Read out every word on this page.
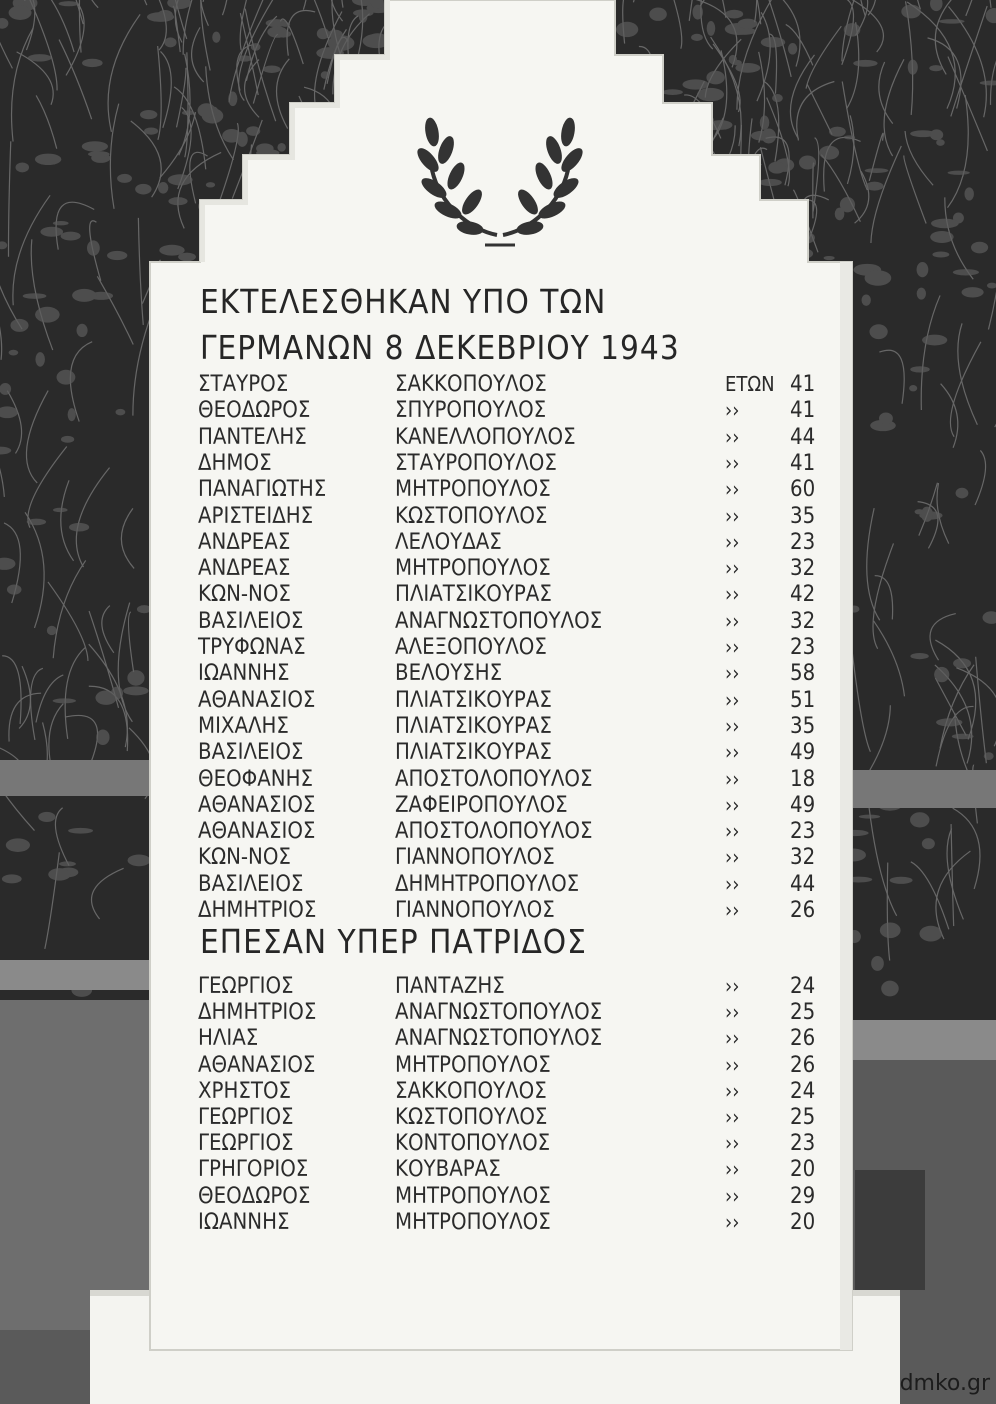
ΕΚΤΕΛΕΣΘΗΚΑΝ ΥΠΟ ΤΩΝ
ΓΕΡΜΑΝΩΝ 8 ΔΕΚΕΒΡΙΟΥ 1943
ΣΤΑΥΡΟΣ	ΣΑΚΚΟΠΟΥΛΟΣ	ΕΤΩΝ 41
ΘΕΟΔΩΡΟΣ	ΣΠΥΡΟΠΟΥΛΟΣ	›› 41
ΠΑΝΤΕΛΗΣ	ΚΑΝΕΛΛΟΠΟΥΛΟΣ	›› 44
ΔΗΜΟΣ	ΣΤΑΥΡΟΠΟΥΛΟΣ	›› 41
ΠΑΝΑΓΙΩΤΗΣ	ΜΗΤΡΟΠΟΥΛΟΣ	›› 60
ΑΡΙΣΤΕΙΔΗΣ	ΚΩΣΤΟΠΟΥΛΟΣ	›› 35
ΑΝΔΡΕΑΣ	ΛΕΛΟΥΔΑΣ	›› 23
ΑΝΔΡΕΑΣ	ΜΗΤΡΟΠΟΥΛΟΣ	›› 32
ΚΩΝ-ΝΟΣ	ΠΛΙΑΤΣΙΚΟΥΡΑΣ	›› 42
ΒΑΣΙΛΕΙΟΣ	ΑΝΑΓΝΩΣΤΟΠΟΥΛΟΣ	›› 32
ΤΡΥΦΩΝΑΣ	ΑΛΕΞΟΠΟΥΛΟΣ	›› 23
ΙΩΑΝΝΗΣ	ΒΕΛΟΥΣΗΣ	›› 58
ΑΘΑΝΑΣΙΟΣ	ΠΛΙΑΤΣΙΚΟΥΡΑΣ	›› 51
ΜΙΧΑΛΗΣ	ΠΛΙΑΤΣΙΚΟΥΡΑΣ	›› 35
ΒΑΣΙΛΕΙΟΣ	ΠΛΙΑΤΣΙΚΟΥΡΑΣ	›› 49
ΘΕΟΦΑΝΗΣ	ΑΠΟΣΤΟΛΟΠΟΥΛΟΣ	›› 18
ΑΘΑΝΑΣΙΟΣ	ΖΑΦΕΙΡΟΠΟΥΛΟΣ	›› 49
ΑΘΑΝΑΣΙΟΣ	ΑΠΟΣΤΟΛΟΠΟΥΛΟΣ	›› 23
ΚΩΝ-ΝΟΣ	ΓΙΑΝΝΟΠΟΥΛΟΣ	›› 32
ΒΑΣΙΛΕΙΟΣ	ΔΗΜΗΤΡΟΠΟΥΛΟΣ	›› 44
ΔΗΜΗΤΡΙΟΣ	ΓΙΑΝΝΟΠΟΥΛΟΣ	›› 26
ΕΠΕΣΑΝ ΥΠΕΡ ΠΑΤΡΙΔΟΣ
ΓΕΩΡΓΙΟΣ	ΠΑΝΤΑΖΗΣ	›› 24
ΔΗΜΗΤΡΙΟΣ	ΑΝΑΓΝΩΣΤΟΠΟΥΛΟΣ	›› 25
ΗΛΙΑΣ	ΑΝΑΓΝΩΣΤΟΠΟΥΛΟΣ	›› 26
ΑΘΑΝΑΣΙΟΣ	ΜΗΤΡΟΠΟΥΛΟΣ	›› 26
ΧΡΗΣΤΟΣ	ΣΑΚΚΟΠΟΥΛΟΣ	›› 24
ΓΕΩΡΓΙΟΣ	ΚΩΣΤΟΠΟΥΛΟΣ	›› 25
ΓΕΩΡΓΙΟΣ	ΚΟΝΤΟΠΟΥΛΟΣ	›› 23
ΓΡΗΓΟΡΙΟΣ	ΚΟΥΒΑΡΑΣ	›› 20
ΘΕΟΔΩΡΟΣ	ΜΗΤΡΟΠΟΥΛΟΣ	›› 29
ΙΩΑΝΝΗΣ	ΜΗΤΡΟΠΟΥΛΟΣ	›› 20
dmko.gr
